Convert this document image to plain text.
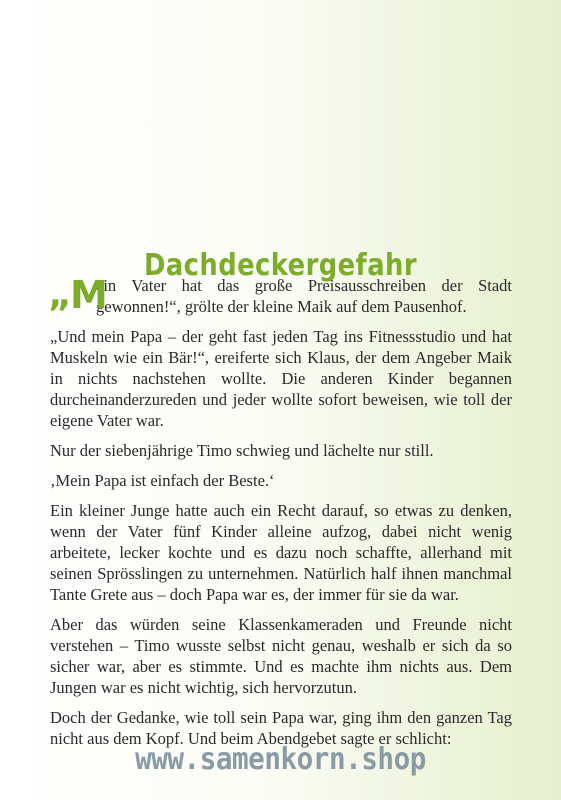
Dachdeckergefahr

„
M
ein Vater hat das große Preisausschreiben der Stadt gewonnen!“, grölte der kleine Maik auf dem Pausenhof.

„Und mein Papa – der geht fast jeden Tag ins Fitnessstudio und hat Muskeln wie ein Bär!“, ereiferte sich Klaus, der dem Angeber Maik in nichts nachstehen wollte. Die anderen Kinder begannen durcheinanderzureden und jeder wollte sofort beweisen, wie toll der eigene Vater war.

Nur der siebenjährige Timo schwieg und lächelte nur still.

‚Mein Papa ist einfach der Beste.‘

Ein kleiner Junge hatte auch ein Recht darauf, so etwas zu denken, wenn der Vater fünf Kinder alleine aufzog, dabei nicht wenig arbeitete, lecker kochte und es dazu noch schaffte, allerhand mit seinen Sprösslingen zu unternehmen. Natürlich half ihnen manchmal Tante Grete aus – doch Papa war es, der immer für sie da war.

Aber das würden seine Klassenkameraden und Freunde nicht verstehen – Timo wusste selbst nicht genau, weshalb er sich da so sicher war, aber es stimmte. Und es machte ihm nichts aus. Dem Jungen war es nicht wichtig, sich hervorzutun.

Doch der Gedanke, wie toll sein Papa war, ging ihm den ganzen Tag nicht aus dem Kopf. Und beim Abendgebet sagte er schlicht:

www.samenkorn.shop
